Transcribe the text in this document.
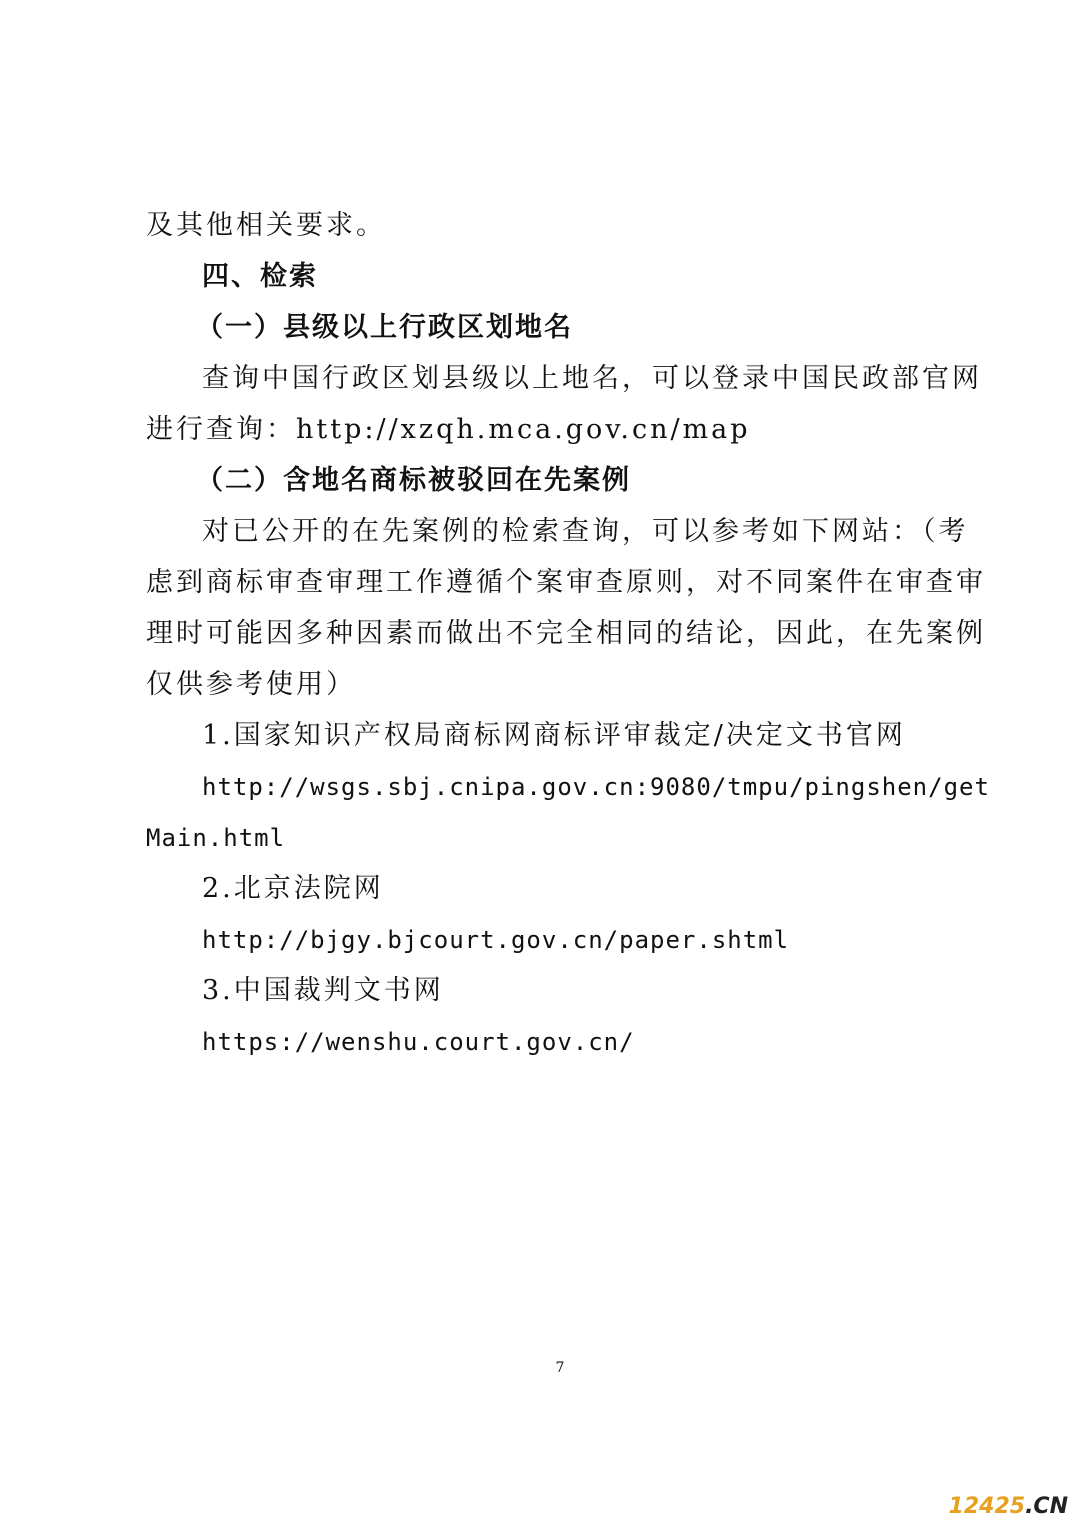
及其他相关要求。
四、检索
（一）县级以上行政区划地名
查询中国行政区划县级以上地名，可以登录中国民政部官网
进行查询：http://xzqh.mca.gov.cn/map
（二）含地名商标被驳回在先案例
对已公开的在先案例的检索查询，可以参考如下网站：（考
虑到商标审查审理工作遵循个案审查原则，对不同案件在审查审
理时可能因多种因素而做出不完全相同的结论，因此，在先案例
仅供参考使用）
1.国家知识产权局商标网商标评审裁定/决定文书官网
http://wsgs.sbj.cnipa.gov.cn:9080/tmpu/pingshen/get
Main.html
2.北京法院网
http://bjgy.bjcourt.gov.cn/paper.shtml
3.中国裁判文书网
https://wenshu.court.gov.cn/
7
12425.CN
